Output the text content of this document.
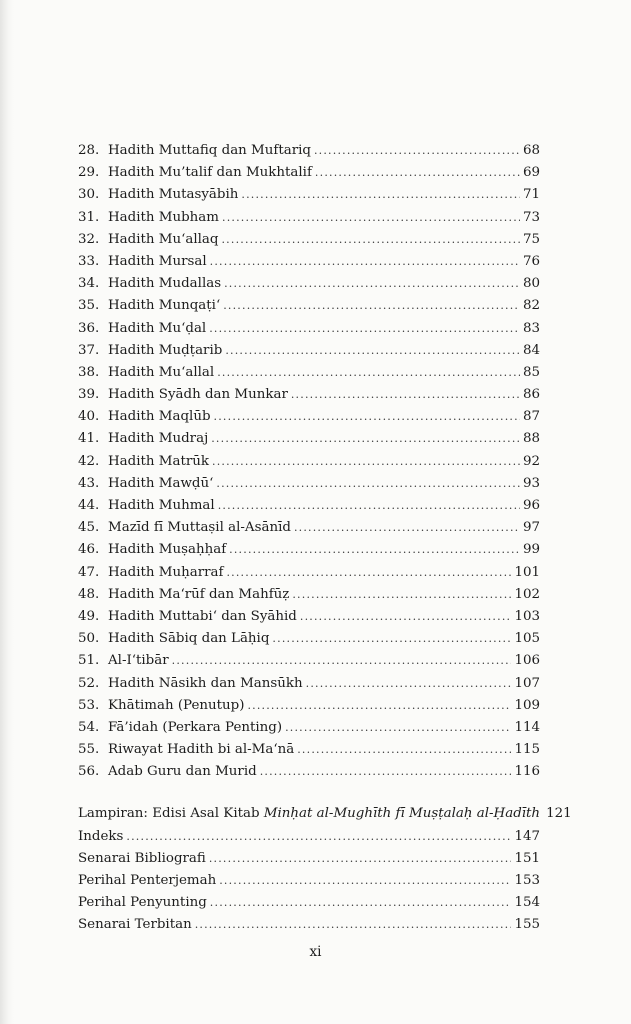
28. Hadith Muttafiq dan Muftariq .....	68
29. Hadith Mu’talif dan Mukhtalif .....	69
30. Hadith Mutasyābih .....	71
31. Hadith Mubham .....	73
32. Hadith Mu‘allaq .....	75
33. Hadith Mursal .....	76
34. Hadith Mudallas .....	80
35. Hadith Munqaṭi‘ .....	82
36. Hadith Mu‘ḍal .....	83
37. Hadith Muḍṭarib .....	84
38. Hadith Mu‘allal .....	85
39. Hadith Syādh dan Munkar .....	86
40. Hadith Maqlūb .....	87
41. Hadith Mudraj .....	88
42. Hadith Matrūk .....	92
43. Hadith Mawḍū‘ .....	93
44. Hadith Muhmal .....	96
45. Mazīd fī Muttaṣil al-Asānīd .....	97
46. Hadith Muṣaḥḥaf .....	99
47. Hadith Muḥarraf .....	101
48. Hadith Ma‘rūf dan Mahfūẓ .....	102
49. Hadith Muttabi‘ dan Syāhid .....	103
50. Hadith Sābiq dan Lāḥiq .....	105
51. Al-I‘tibār .....	106
52. Hadith Nāsikh dan Mansūkh .....	107
53. Khātimah (Penutup) .....	109
54. Fā’idah (Perkara Penting) .....	114
55. Riwayat Hadith bi al-Ma‘nā .....	115
56. Adab Guru dan Murid .....	116
Lampiran: Edisi Asal Kitab Minḥat al-Mughīth fī Muṣṭalaḥ al-Ḥadīth 121
Indeks .....	147
Senarai Bibliografi .....	151
Perihal Penterjemah .....	153
Perihal Penyunting .....	154
Senarai Terbitan .....	155
xi
